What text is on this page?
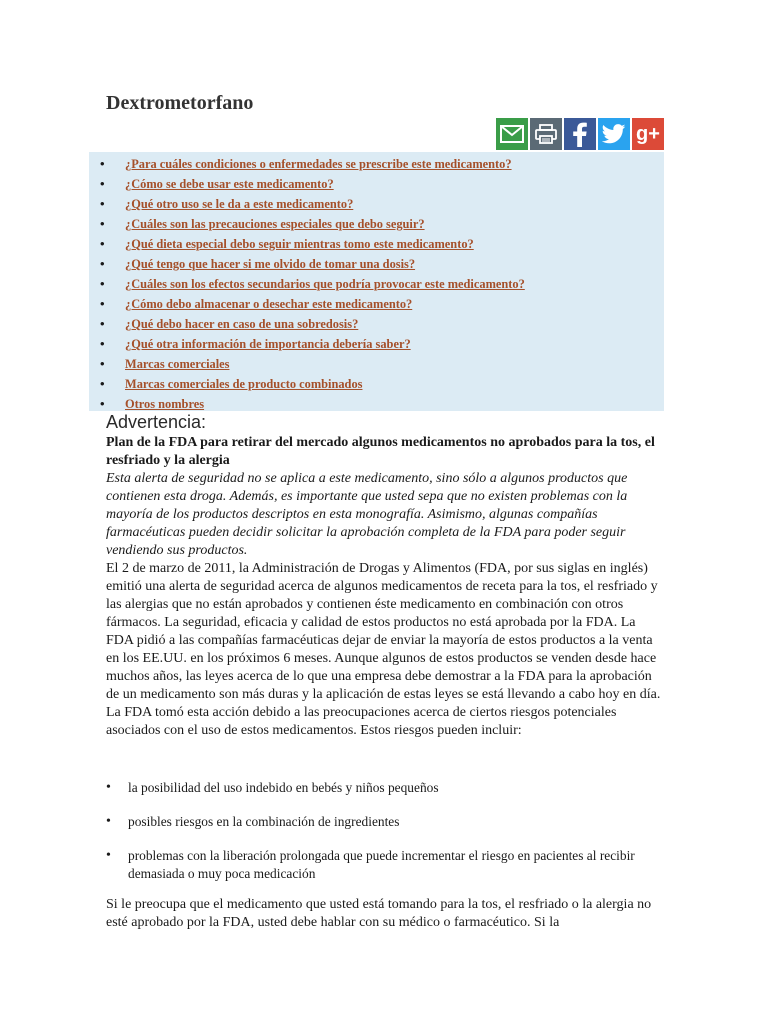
Dextrometorfano
g+
• ¿Para cuáles condiciones o enfermedades se prescribe este medicamento?
• ¿Cómo se debe usar este medicamento?
• ¿Qué otro uso se le da a este medicamento?
• ¿Cuáles son las precauciones especiales que debo seguir?
• ¿Qué dieta especial debo seguir mientras tomo este medicamento?
• ¿Qué tengo que hacer si me olvido de tomar una dosis?
• ¿Cuáles son los efectos secundarios que podría provocar este medicamento?
• ¿Cómo debo almacenar o desechar este medicamento?
• ¿Qué debo hacer en caso de una sobredosis?
• ¿Qué otra información de importancia debería saber?
• Marcas comerciales
• Marcas comerciales de producto combinados
• Otros nombres
Advertencia:

Plan de la FDA para retirar del mercado algunos medicamentos no aprobados para la tos, el resfriado y la alergia

Esta alerta de seguridad no se aplica a este medicamento, sino sólo a algunos productos que contienen esta droga. Además, es importante que usted sepa que no existen problemas con la mayoría de los productos descriptos en esta monografía. Asimismo, algunas compañías farmacéuticas pueden decidir solicitar la aprobación completa de la FDA para poder seguir vendiendo sus productos.

El 2 de marzo de 2011, la Administración de Drogas y Alimentos (FDA, por sus siglas en inglés) emitió una alerta de seguridad acerca de algunos medicamentos de receta para la tos, el resfriado y las alergias que no están aprobados y contienen éste medicamento en combinación con otros fármacos. La seguridad, eficacia y calidad de estos productos no está aprobada por la FDA. La FDA pidió a las compañías farmacéuticas dejar de enviar la mayoría de estos productos a la venta en los EE.UU. en los próximos 6 meses. Aunque algunos de estos productos se venden desde hace muchos años, las leyes acerca de lo que una empresa debe demostrar a la FDA para la aprobación de un medicamento son más duras y la aplicación de estas leyes se está llevando a cabo hoy en día. La FDA tomó esta acción debido a las preocupaciones acerca de ciertos riesgos potenciales asociados con el uso de estos medicamentos. Estos riesgos pueden incluir:

• la posibilidad del uso indebido en bebés y niños pequeños
• posibles riesgos en la combinación de ingredientes
• problemas con la liberación prolongada que puede incrementar el riesgo en pacientes al recibir demasiada o muy poca medicación

Si le preocupa que el medicamento que usted está tomando para la tos, el resfriado o la alergia no esté aprobado por la FDA, usted debe hablar con su médico o farmacéutico. Si la
